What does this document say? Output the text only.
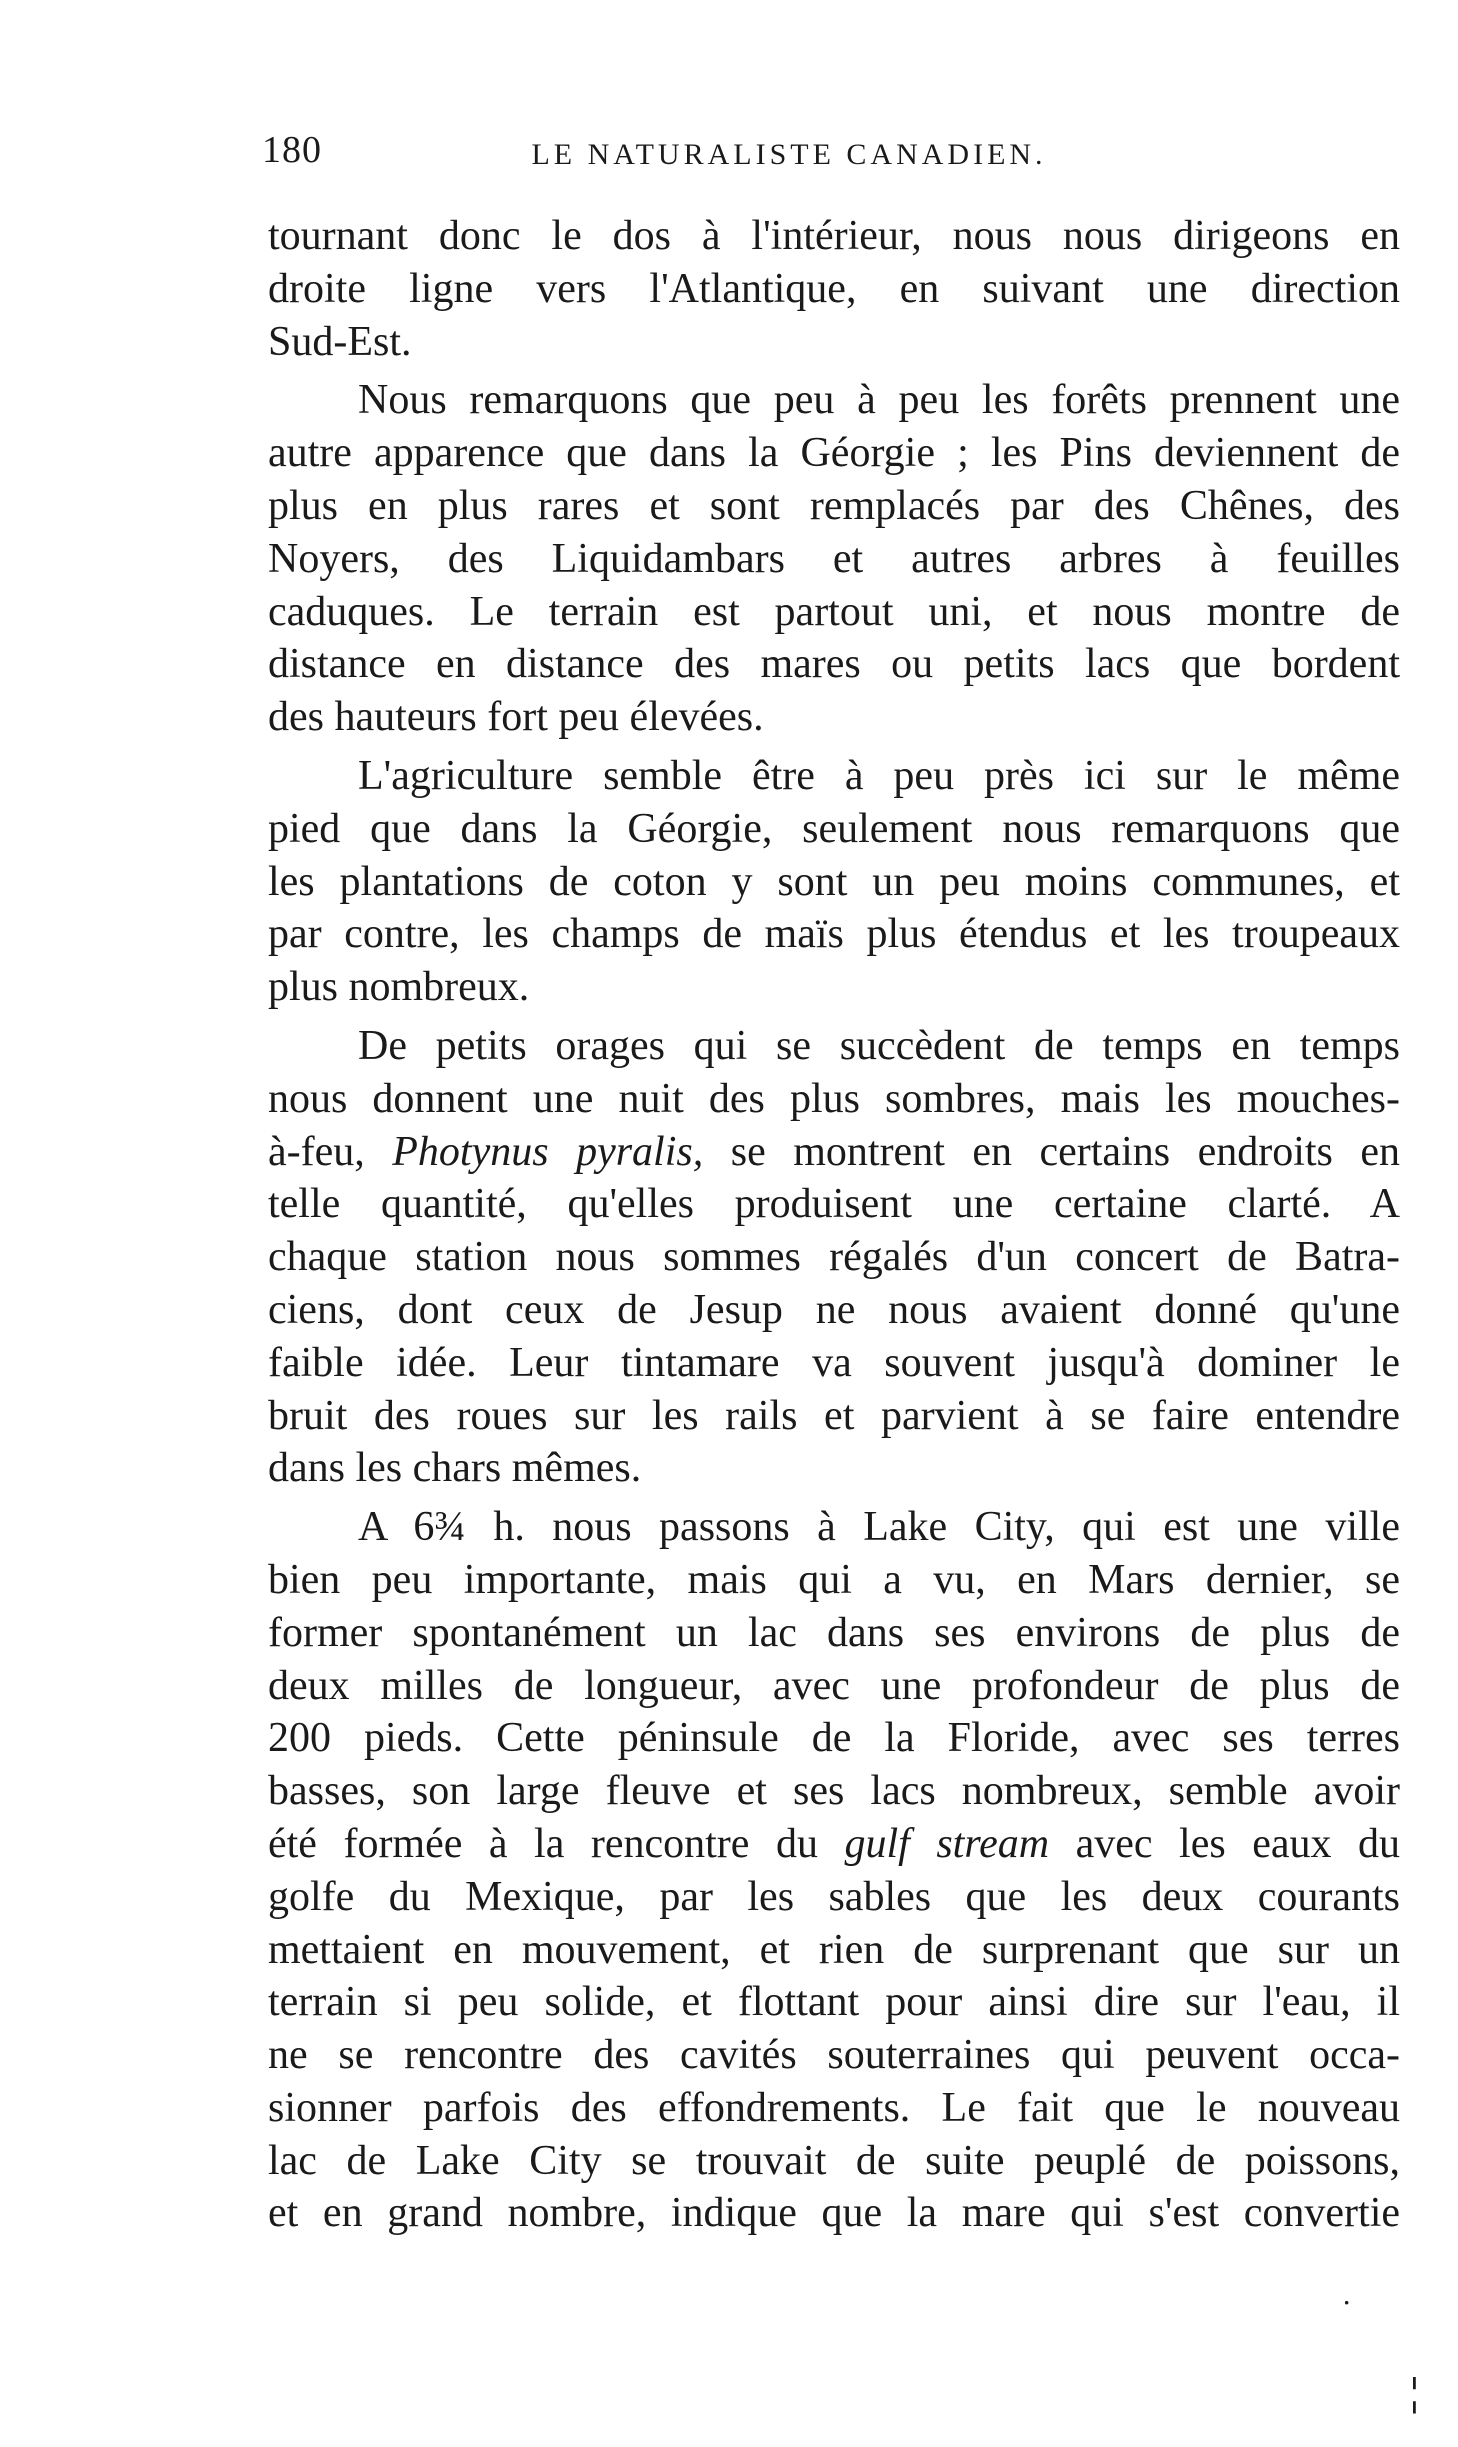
180	LE NATURALISTE CANADIEN.
tournant donc le dos à l'intérieur, nous nous dirigeons en
droite ligne vers l'Atlantique, en suivant une direction
Sud-Est.
Nous remarquons que peu à peu les forêts prennent une
autre apparence que dans la Géorgie ; les Pins deviennent de
plus en plus rares et sont remplacés par des Chênes, des
Noyers, des Liquidambars et autres arbres à feuilles
caduques. Le terrain est partout uni, et nous montre de
distance en distance des mares ou petits lacs que bordent
des hauteurs fort peu élevées.
L'agriculture semble être à peu près ici sur le même
pied que dans la Géorgie, seulement nous remarquons que
les plantations de coton y sont un peu moins communes, et
par contre, les champs de maïs plus étendus et les troupeaux
plus nombreux.
De petits orages qui se succèdent de temps en temps
nous donnent une nuit des plus sombres, mais les mouches-
à-feu, Photynus pyralis, se montrent en certains endroits en
telle quantité, qu'elles produisent une certaine clarté. A
chaque station nous sommes régalés d'un concert de Batra-
ciens, dont ceux de Jesup ne nous avaient donné qu'une
faible idée. Leur tintamare va souvent jusqu'à dominer le
bruit des roues sur les rails et parvient à se faire entendre
dans les chars mêmes.
A 6¾ h. nous passons à Lake City, qui est une ville
bien peu importante, mais qui a vu, en Mars dernier, se
former spontanément un lac dans ses environs de plus de
deux milles de longueur, avec une profondeur de plus de
200 pieds. Cette péninsule de la Floride, avec ses terres
basses, son large fleuve et ses lacs nombreux, semble avoir
été formée à la rencontre du gulf stream avec les eaux du
golfe du Mexique, par les sables que les deux courants
mettaient en mouvement, et rien de surprenant que sur un
terrain si peu solide, et flottant pour ainsi dire sur l'eau, il
ne se rencontre des cavités souterraines qui peuvent occa-
sionner parfois des effondrements. Le fait que le nouveau
lac de Lake City se trouvait de suite peuplé de poissons,
et en grand nombre, indique que la mare qui s'est convertie
·
¦
